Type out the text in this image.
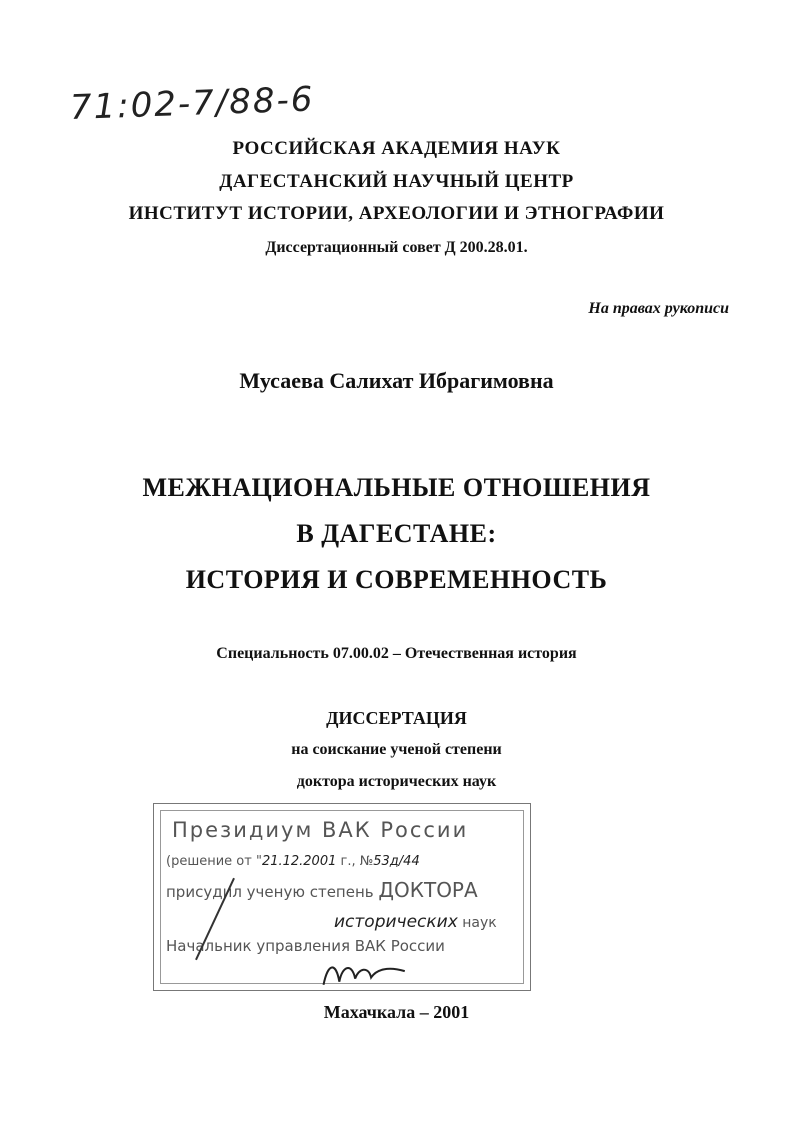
71:02-7/88-6
РОССИЙСКАЯ АКАДЕМИЯ НАУК
ДАГЕСТАНСКИЙ НАУЧНЫЙ ЦЕНТР
ИНСТИТУТ ИСТОРИИ, АРХЕОЛОГИИ И ЭТНОГРАФИИ
Диссертационный совет Д 200.28.01.
На правах рукописи
Мусаева Салихат Ибрагимовна
МЕЖНАЦИОНАЛЬНЫЕ ОТНОШЕНИЯ
В ДАГЕСТАНЕ:
ИСТОРИЯ И СОВРЕМЕННОСТЬ
Специальность 07.00.02 – Отечественная история
ДИССЕРТАЦИЯ
на соискание ученой степени
доктора исторических наук
Президиум ВАК России
(решение от "21.12.2001 г., №53д/44
присудил ученую степень ДОКТОРА
исторических наук
Начальник управления ВАК России
Махачкала – 2001
